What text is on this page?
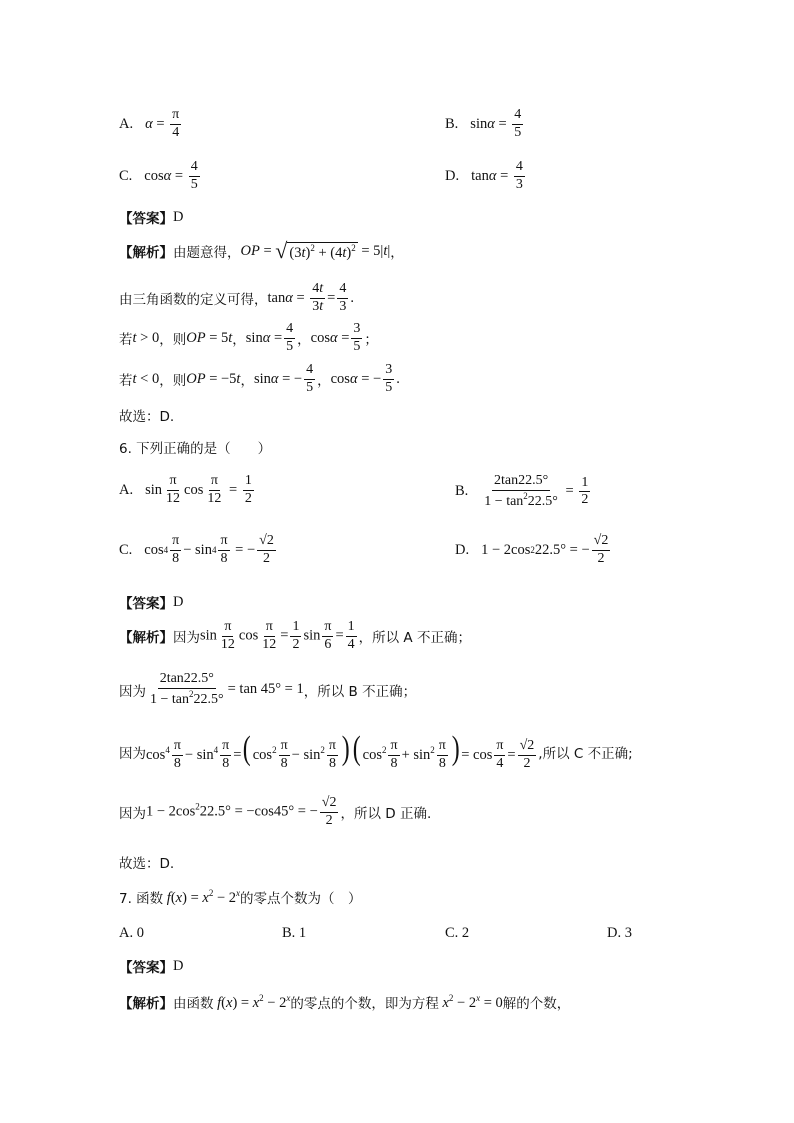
A. $\alpha = \frac{\pi}{4}$	B. $\sin \alpha = \frac{4}{5}$
C. $\cos \alpha = \frac{4}{5}$	D. $\tan \alpha = \frac{4}{3}$
【答案】 D
【解析】 由题意得， OP = √ $(3t)^2 + (4t)^2 = 5|t|$ ，
由三角函数的定义可得， $\tan\alpha = \frac{4t}{3t} = \frac{4}{3}$ .
若 t > 0 ，则 OP = 5t ， $\sin\alpha = \frac{4}{5}$ ， $\cos\alpha = \frac{3}{5}$ ；
若 t < 0 ，则 OP = −5t ， sinα = − $\frac{4}{5}$ ， cosα = − $\frac{3}{5}$ .
故选：D.
6. 下列正确的是（　　）
A. $\sin \frac{\pi}{12}$ $\cos \frac{\pi}{12} = \frac{1}{2}$	B. $\frac{2\tan 22.5^\circ}{1 - \tan^222.5^\circ} = \frac{1}{2}$
C. $\cos 4 \frac{\pi}{8} - \sin 4 \frac{\pi}{8}$ = − $\frac{√2}{2}$	D. 1 − 2cos 2 22.5° = − $\frac{√2}{2}$
【答案】 D
【解析】 因为 $\sin \frac{\pi}{12}$ $\cos \frac{\pi}{12} = \frac{1}{2}$ $\sin \frac{\pi}{6} = \frac{1}{4}$ ，所以 A 不正确；
因为 $\frac{2\tan 22.5^\circ}{1 - \tan^222.5^\circ} = \tan 45^\circ = 1$ ，所以 B 不正确；
因为 $\cos^4 \frac{\pi}{8} - \sin^4 \frac{\pi}{8}$ =( $\cos^2 \frac{\pi}{8} - \sin^2 \frac{\pi}{8}$ )( $\cos^2 \frac{\pi}{8} + \sin^2 \frac{\pi}{8}$ ) = $\cos \frac{\pi}{4} = \frac{√2}{2}$ ,所以 C 不正确;
因为 $1 - 2\cos^222.5^\circ = -\cos 45^\circ$ = − $\frac{√2}{2}$ ，所以 D 正确.
故选：D.
7. 函数 $f(x) = x^2 - 2^x$ 的零点个数为（　）
A. 0	B. 1	C. 2	D. 3
【答案】 D
【解析】 由函数 $f(x) = x^2 - 2^x$ 的零点的个数，即为方程 $x^2 - 2^x = 0$ 解的个数，
